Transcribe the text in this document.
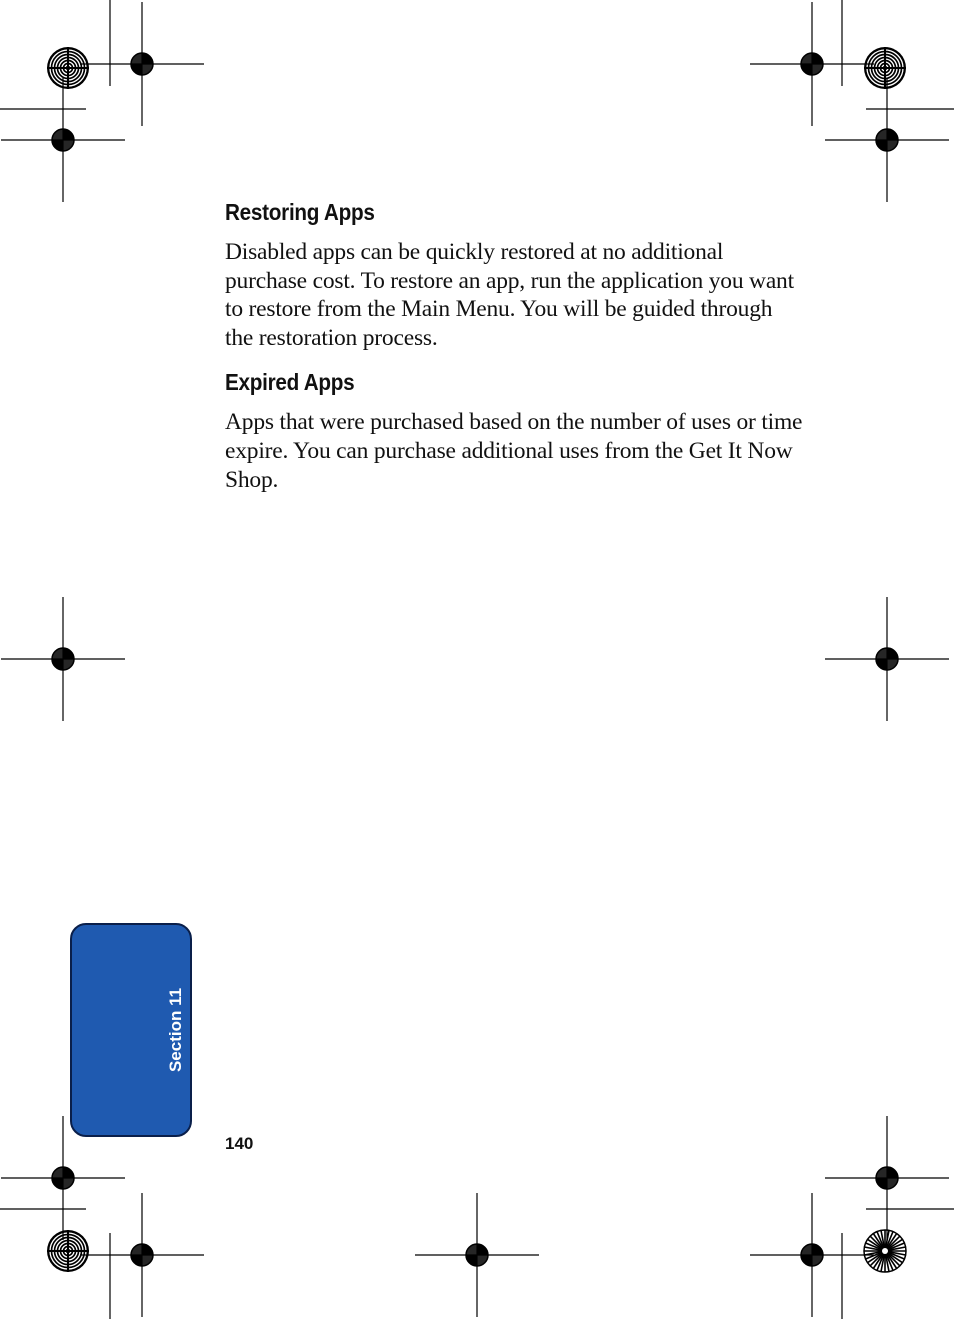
Restoring Apps

Disabled apps can be quickly restored at no additional purchase cost. To restore an app, run the application you want to restore from the Main Menu. You will be guided through the restoration process.

Expired Apps

Apps that were purchased based on the number of uses or time expire. You can purchase additional uses from the Get It Now Shop.

Section 11
140
